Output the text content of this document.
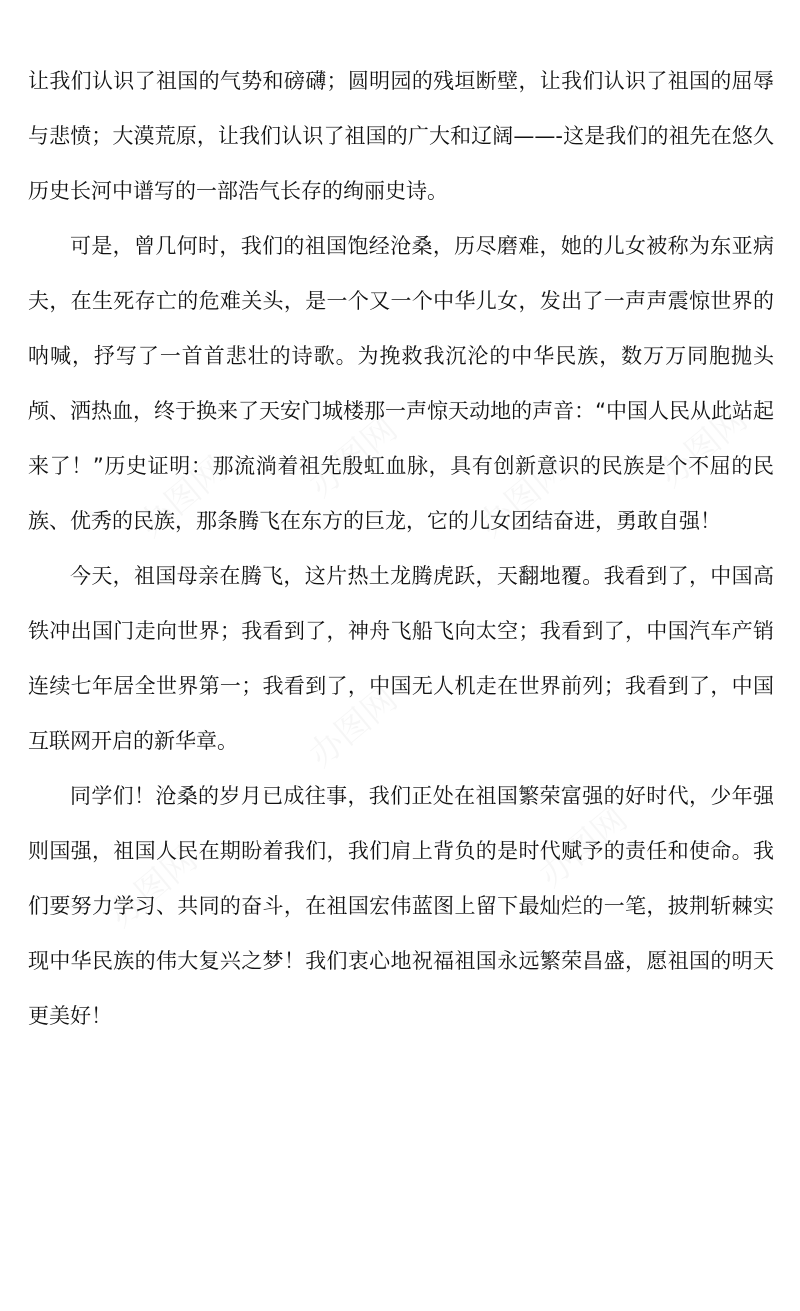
让我们认识了祖国的气势和磅礴；圆明园的残垣断壁，让我们认识了祖国的屈辱与悲愤；大漠荒原，让我们认识了祖国的广大和辽阔——-这是我们的祖先在悠久历史长河中谱写的一部浩气长存的绚丽史诗。

可是，曾几何时，我们的祖国饱经沧桑，历尽磨难，她的儿女被称为东亚病夫，在生死存亡的危难关头，是一个又一个中华儿女，发出了一声声震惊世界的呐喊，抒写了一首首悲壮的诗歌。为挽救我沉沦的中华民族，数万万同胞抛头颅、洒热血，终于换来了天安门城楼那一声惊天动地的声音：“中国人民从此站起来了！”历史证明：那流淌着祖先殷虹血脉，具有创新意识的民族是个不屈的民族、优秀的民族，那条腾飞在东方的巨龙，它的儿女团结奋进，勇敢自强！

今天，祖国母亲在腾飞，这片热土龙腾虎跃，天翻地覆。我看到了，中国高铁冲出国门走向世界；我看到了，神舟飞船飞向太空；我看到了，中国汽车产销连续七年居全世界第一；我看到了，中国无人机走在世界前列；我看到了，中国互联网开启的新华章。

同学们！沧桑的岁月已成往事，我们正处在祖国繁荣富强的好时代，少年强则国强，祖国人民在期盼着我们，我们肩上背负的是时代赋予的责任和使命。我们要努力学习、共同的奋斗，在祖国宏伟蓝图上留下最灿烂的一笔，披荆斩棘实现中华民族的伟大复兴之梦！我们衷心地祝福祖国永远繁荣昌盛，愿祖国的明天更美好！
